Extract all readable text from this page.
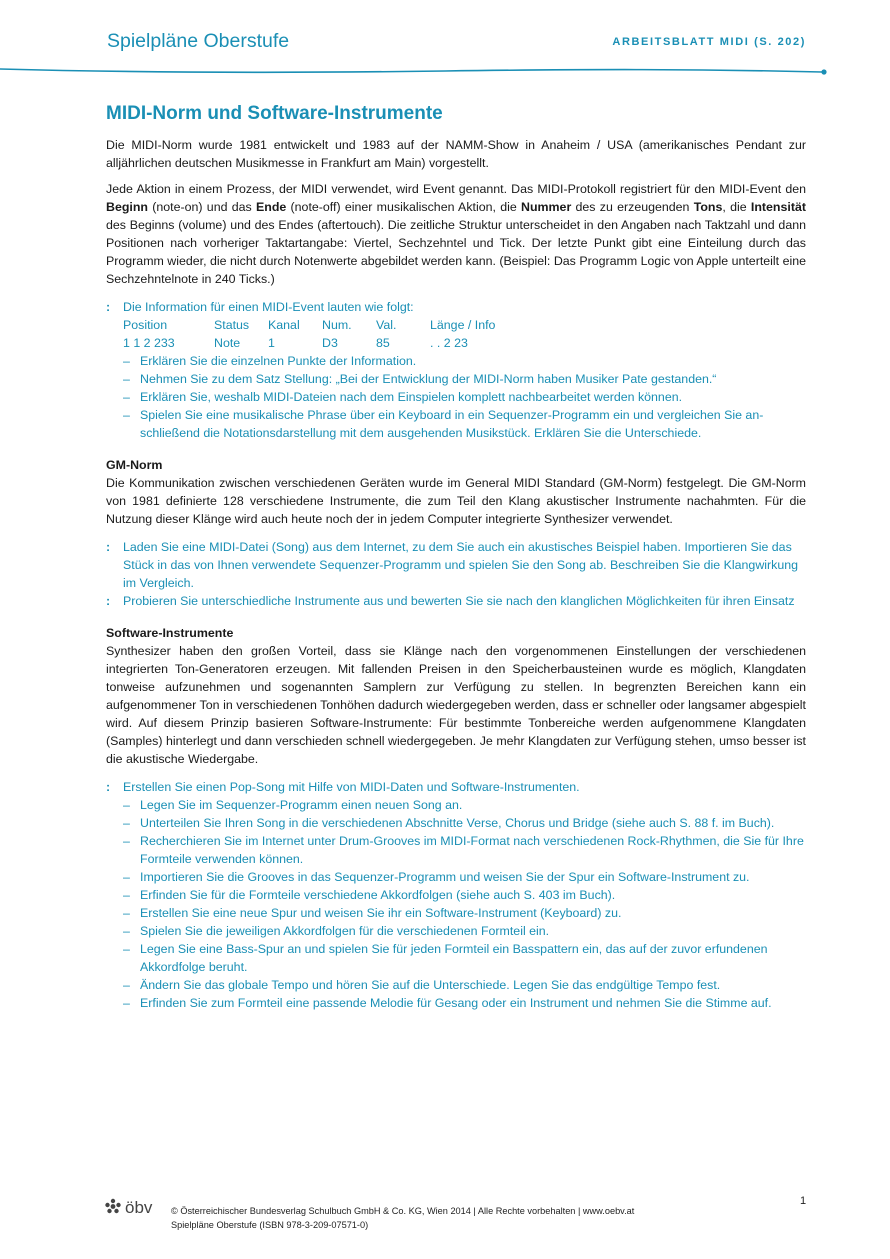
Spielpläne Oberstufe	ARBEITSBLATT MIDI (S. 202)
MIDI-Norm und Software-Instrumente

Die MIDI-Norm wurde 1981 entwickelt und 1983 auf der NAMM-Show in Anaheim / USA (amerikanisches Pendant zur alljährlichen deutschen Musikmesse in Frankfurt am Main) vorgestellt.

Jede Aktion in einem Prozess, der MIDI verwendet, wird Event genannt. Das MIDI-Protokoll registriert für den MIDI-Event den Beginn (note-on) und das Ende (note-off) einer musikalischen Aktion, die Nummer des zu erzeugenden Tons, die Intensität des Beginns (volume) und des Endes (aftertouch). Die zeitliche Struktur unterscheidet in den Angaben nach Taktzahl und dann Positionen nach vorheriger Taktartangabe: Viertel, Sechzehntel und Tick. Der letzte Punkt gibt eine Einteilung durch das Programm wieder, die nicht durch Notenwerte abgebildet werden kann. (Beispiel: Das Programm Logic von Apple unterteilt eine Sechzehntelnote in 240 Ticks.)

: Die Information für einen MIDI-Event lauten wie folgt:
Position	Status	Kanal	Num.	Val.	Länge / Info
1 1 2 233	Note	1	D3	85	. . 2 23
– Erklären Sie die einzelnen Punkte der Information.
– Nehmen Sie zu dem Satz Stellung: „Bei der Entwicklung der MIDI-Norm haben Musiker Pate gestanden.“
– Erklären Sie, weshalb MIDI-Dateien nach dem Einspielen komplett nachbearbeitet werden können.
– Spielen Sie eine musikalische Phrase über ein Keyboard in ein Sequenzer-Programm ein und vergleichen Sie an-schließend die Notationsdarstellung mit dem ausgehenden Musikstück. Erklären Sie die Unterschiede.
GM-Norm

Die Kommunikation zwischen verschiedenen Geräten wurde im General MIDI Standard (GM-Norm) festgelegt. Die GM-Norm von 1981 definierte 128 verschiedene Instrumente, die zum Teil den Klang akustischer Instrumente nachahmten. Für die Nutzung dieser Klänge wird auch heute noch der in jedem Computer integrierte Synthesizer verwendet.

: Laden Sie eine MIDI-Datei (Song) aus dem Internet, zu dem Sie auch ein akustisches Beispiel haben. Importieren Sie das Stück in das von Ihnen verwendete Sequenzer-Programm und spielen Sie den Song ab. Beschreiben Sie die Klangwirkung im Vergleich.
: Probieren Sie unterschiedliche Instrumente aus und bewerten Sie sie nach den klanglichen Möglichkeiten für ihren Einsatz
Software-Instrumente

Synthesizer haben den großen Vorteil, dass sie Klänge nach den vorgenommenen Einstellungen der verschiedenen integrierten Ton-Generatoren erzeugen. Mit fallenden Preisen in den Speicherbausteinen wurde es möglich, Klangdaten tonweise aufzunehmen und sogenannten Samplern zur Verfügung zu stellen. In begrenzten Bereichen kann ein aufgenommener Ton in verschiedenen Tonhöhen dadurch wiedergegeben werden, dass er schneller oder langsamer abgespielt wird. Auf diesem Prinzip basieren Software-Instrumente: Für bestimmte Tonbereiche werden aufgenommene Klangdaten (Samples) hinterlegt und dann verschieden schnell wiedergegeben. Je mehr Klangdaten zur Verfügung stehen, umso besser ist die akustische Wiedergabe.

: Erstellen Sie einen Pop-Song mit Hilfe von MIDI-Daten und Software-Instrumenten.
– Legen Sie im Sequenzer-Programm einen neuen Song an.
– Unterteilen Sie Ihren Song in die verschiedenen Abschnitte Verse, Chorus und Bridge (siehe auch S. 88 f. im Buch).
– Recherchieren Sie im Internet unter Drum-Grooves im MIDI-Format nach verschiedenen Rock-Rhythmen, die Sie für Ihre Formteile verwenden können.
– Importieren Sie die Grooves in das Sequenzer-Programm und weisen Sie der Spur ein Software-Instrument zu.
– Erfinden Sie für die Formteile verschiedene Akkordfolgen (siehe auch S. 403 im Buch).
– Erstellen Sie eine neue Spur und weisen Sie ihr ein Software-Instrument (Keyboard) zu.
– Spielen Sie die jeweiligen Akkordfolgen für die verschiedenen Formteil ein.
– Legen Sie eine Bass-Spur an und spielen Sie für jeden Formteil ein Basspattern ein, das auf der zuvor erfundenen Akkordfolge beruht.
– Ändern Sie das globale Tempo und hören Sie auf die Unterschiede. Legen Sie das endgültige Tempo fest.
– Erfinden Sie zum Formteil eine passende Melodie für Gesang oder ein Instrument und nehmen Sie die Stimme auf.
öbv © Österreichischer Bundesverlag Schulbuch GmbH & Co. KG, Wien 2014 | Alle Rechte vorbehalten | www.oebv.at
Spielpläne Oberstufe (ISBN 978-3-209-07571-0)
1
